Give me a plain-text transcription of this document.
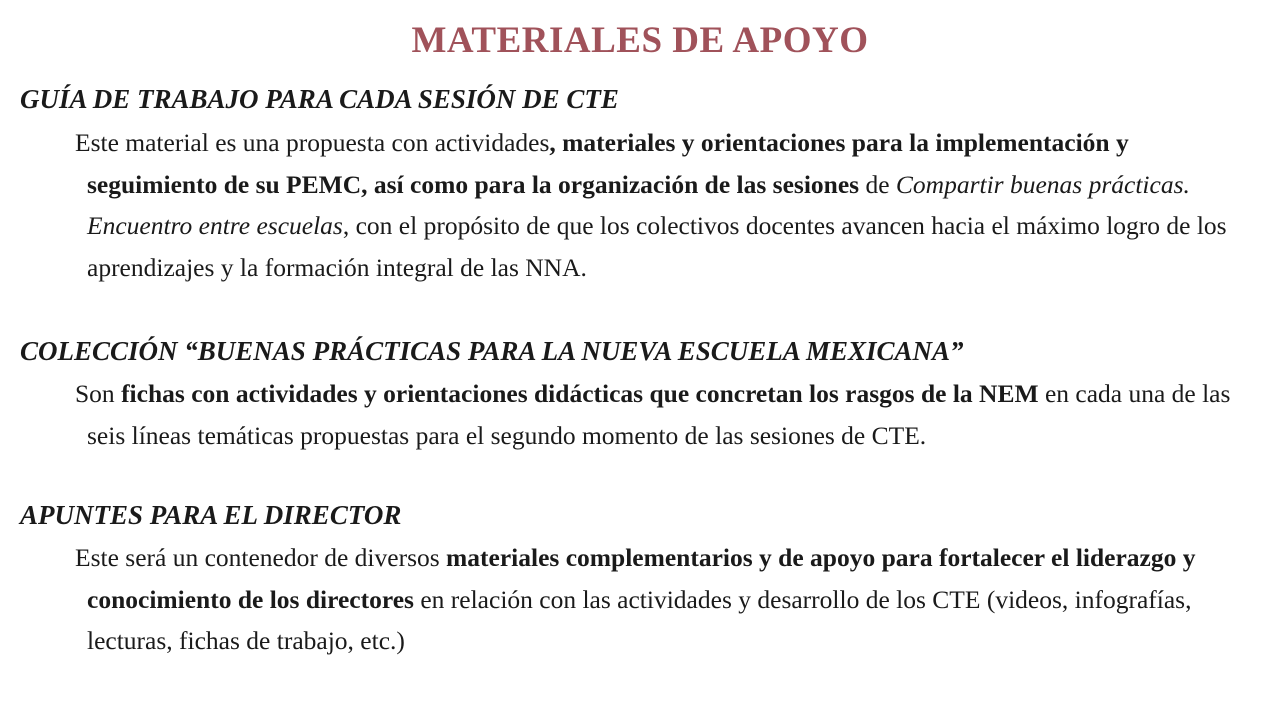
MATERIALES DE APOYO
GUÍA DE TRABAJO PARA CADA SESIÓN DE CTE
Este material es una propuesta con actividades, materiales y orientaciones para la implementación y seguimiento de su PEMC, así como para la organización de las sesiones de Compartir buenas prácticas. Encuentro entre escuelas, con el propósito de que los colectivos docentes avancen hacia el máximo logro de los aprendizajes y la formación integral de las NNA.
COLECCIÓN “BUENAS PRÁCTICAS PARA LA NUEVA ESCUELA MEXICANA”
Son fichas con actividades y orientaciones didácticas que concretan los rasgos de la NEM en cada una de las seis líneas temáticas propuestas para el segundo momento de las sesiones de CTE.
APUNTES PARA EL DIRECTOR
Este será un contenedor de diversos materiales complementarios y de apoyo para fortalecer el liderazgo y conocimiento de los directores en relación con las actividades y desarrollo de los CTE (videos, infografías, lecturas, fichas de trabajo, etc.)
